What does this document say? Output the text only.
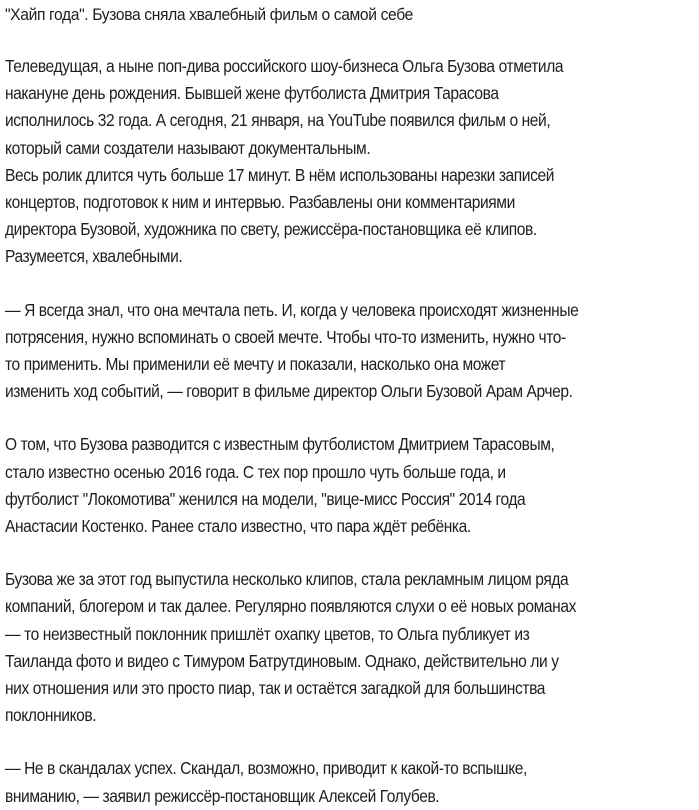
"Хайп года". Бузова сняла хвалебный фильм о самой себе

Телеведущая, а ныне поп-дива российского шоу-бизнеса Ольга Бузова отметила
накануне день рождения. Бывшей жене футболиста Дмитрия Тарасова
исполнилось 32 года. А сегодня, 21 января, на YouTube появился фильм о ней,
который сами создатели называют документальным.
Весь ролик длится чуть больше 17 минут. В нём использованы нарезки записей
концертов, подготовок к ним и интервью. Разбавлены они комментариями
директора Бузовой, художника по свету, режиссёра-постановщика её клипов.
Разумеется, хвалебными.

— Я всегда знал, что она мечтала петь. И, когда у человека происходят жизненные
потрясения, нужно вспоминать о своей мечте. Чтобы что-то изменить, нужно что-
то применить. Мы применили её мечту и показали, насколько она может
изменить ход событий, — говорит в фильме директор Ольги Бузовой Арам Арчер.

О том, что Бузова разводится с известным футболистом Дмитрием Тарасовым,
стало известно осенью 2016 года. С тех пор прошло чуть больше года, и
футболист "Локомотива" женился на модели, "вице-мисс Россия" 2014 года
Анастасии Костенко. Ранее стало известно, что пара ждёт ребёнка.

Бузова же за этот год выпустила несколько клипов, стала рекламным лицом ряда
компаний, блогером и так далее. Регулярно появляются слухи о её новых романах
— то неизвестный поклонник пришлёт охапку цветов, то Ольга публикует из
Таиланда фото и видео с Тимуром Батрутдиновым. Однако, действительно ли у
них отношения или это просто пиар, так и остаётся загадкой для большинства
поклонников.

— Не в скандалах успех. Скандал, возможно, приводит к какой-то вспышке,
вниманию, — заявил режиссёр-постановщик Алексей Голубев.
